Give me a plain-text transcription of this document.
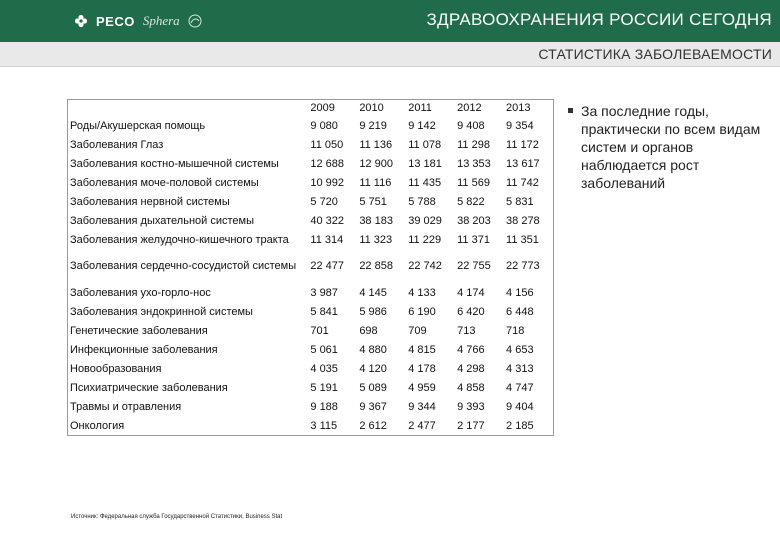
PECO Sphera	ЗДРАВООХРАНЕНИЯ РОССИИ СЕГОДНЯ
СТАТИСТИКА ЗАБОЛЕВАЕМОСТИ
	2009	2010	2011	2012	2013
Роды/Акушерская помощь	9 080	9 219	9 142	9 408	9 354
Заболевания Глаз	11 050	11 136	11 078	11 298	11 172
Заболевания костно-мышечной системы	12 688	12 900	13 181	13 353	13 617
Заболевания моче-половой системы	10 992	11 116	11 435	11 569	11 742
Заболевания нервной системы	5 720	5 751	5 788	5 822	5 831
Заболевания дыхательной системы	40 322	38 183	39 029	38 203	38 278
Заболевания желудочно-кишечного тракта	11 314	11 323	11 229	11 371	11 351
Заболевания сердечно-сосудистой системы	22 477	22 858	22 742	22 755	22 773
Заболевания ухо-горло-нос	3 987	4 145	4 133	4 174	4 156
Заболевания эндокринной системы	5 841	5 986	6 190	6 420	6 448
Генетические заболевания	701	698	709	713	718
Инфекционные заболевания	5 061	4 880	4 815	4 766	4 653
Новообразования	4 035	4 120	4 178	4 298	4 313
Психиатрические заболевания	5 191	5 089	4 959	4 858	4 747
Травмы и отравления	9 188	9 367	9 344	9 393	9 404
Онкология	3 115	2 612	2 477	2 177	2 185
За последние годы, практически по всем видам систем и органов наблюдается рост заболеваний
Источник: Федеральная служба Государственной Статистики, Business Stat
